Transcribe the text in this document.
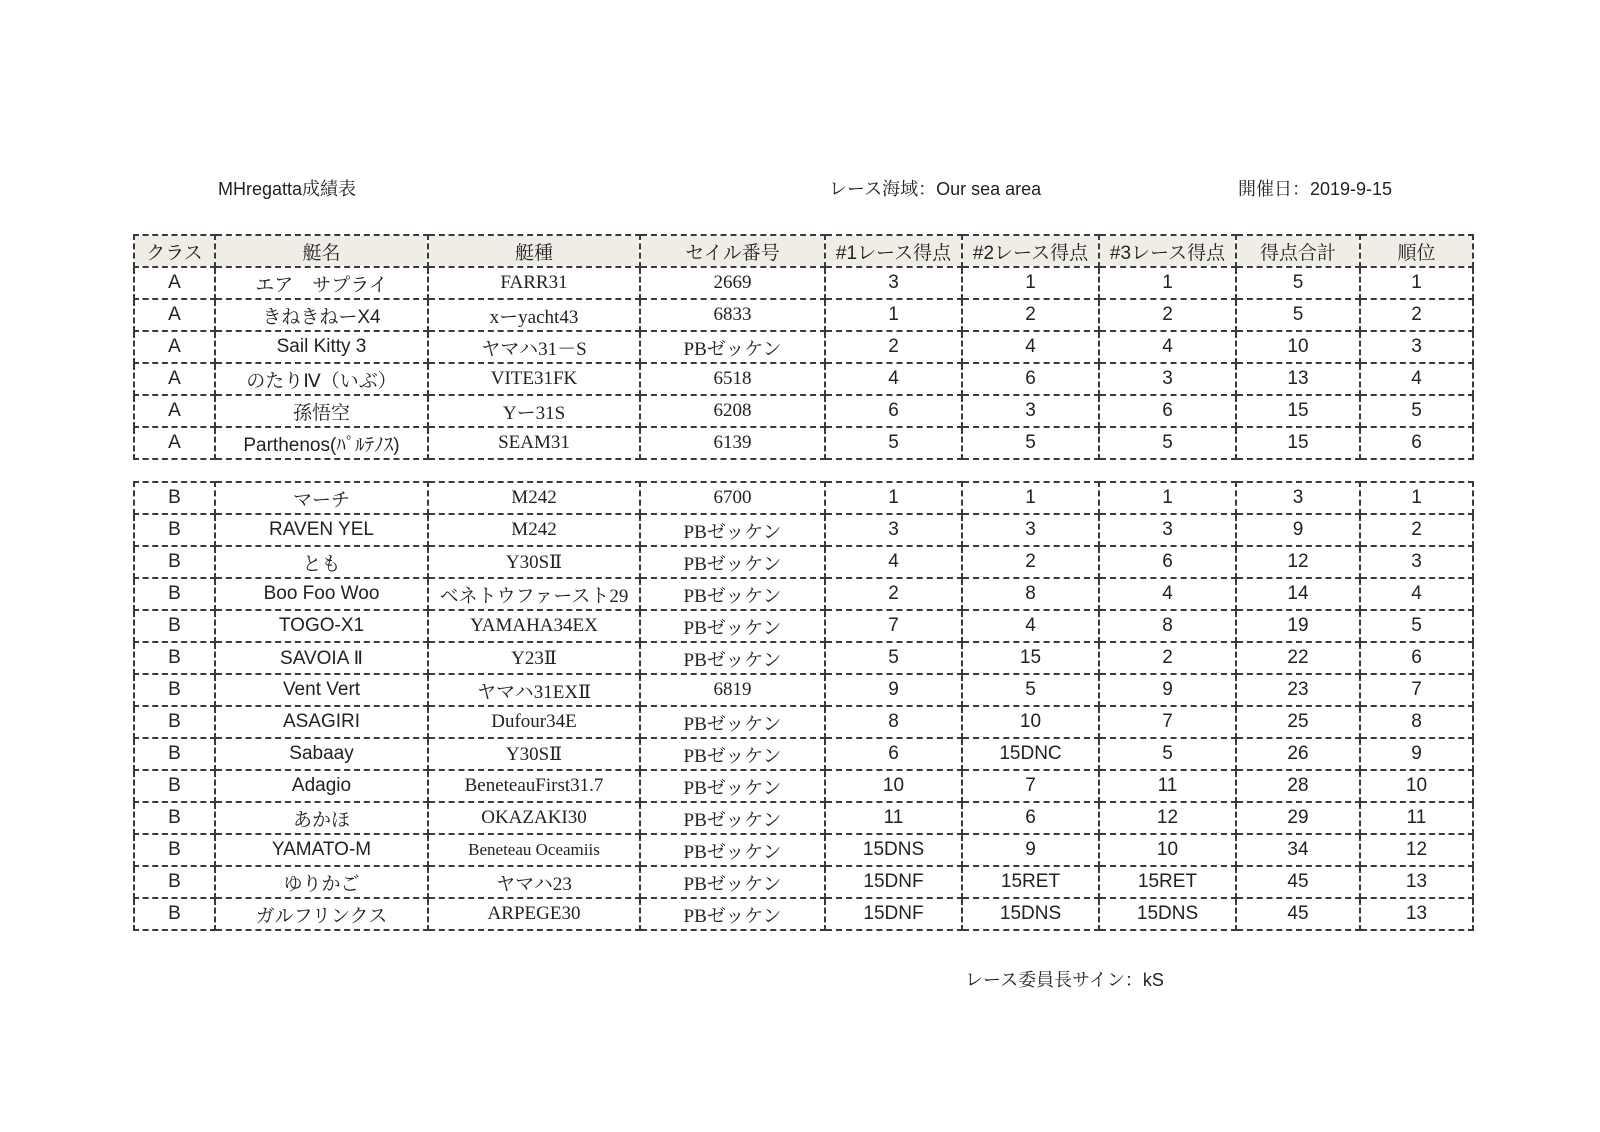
MHregatta成績表	レース海域：Our sea area	開催日：2019-9-15
クラス	艇名	艇種	セイル番号	#1レース得点	#2レース得点	#3レース得点	得点合計	順位
A	エア　サプライ	FARR31	2669	3	1	1	5	1
A	きねきねーX4	xーyacht43	6833	1	2	2	5	2
A	Sail Kitty 3	ヤマハ31－S	PBゼッケン	2	4	4	10	3
A	のたりⅣ（いぶ）	VITE31FK	6518	4	6	3	13	4
A	孫悟空	Yー31S	6208	6	3	6	15	5
A	Parthenos(ﾊﾟﾙﾃﾉｽ)	SEAM31	6139	5	5	5	15	6
B	マーチ	M242	6700	1	1	1	3	1
B	RAVEN YEL	M242	PBゼッケン	3	3	3	9	2
B	とも	Y30SⅡ	PBゼッケン	4	2	6	12	3
B	Boo Foo Woo	ベネトウファースト29	PBゼッケン	2	8	4	14	4
B	TOGO-X1	YAMAHA34EX	PBゼッケン	7	4	8	19	5
B	SAVOIA Ⅱ	Y23Ⅱ	PBゼッケン	5	15	2	22	6
B	Vent Vert	ヤマハ31EXⅡ	6819	9	5	9	23	7
B	ASAGIRI	Dufour34E	PBゼッケン	8	10	7	25	8
B	Sabaay	Y30SⅡ	PBゼッケン	6	15DNC	5	26	9
B	Adagio	BeneteauFirst31.7	PBゼッケン	10	7	11	28	10
B	あかほ	OKAZAKI30	PBゼッケン	11	6	12	29	11
B	YAMATO-M	Beneteau Oceamiis	PBゼッケン	15DNS	9	10	34	12
B	ゆりかご	ヤマハ23	PBゼッケン	15DNF	15RET	15RET	45	13
B	ガルフリンクス	ARPEGE30	PBゼッケン	15DNF	15DNS	15DNS	45	13
レース委員長サイン：kS
